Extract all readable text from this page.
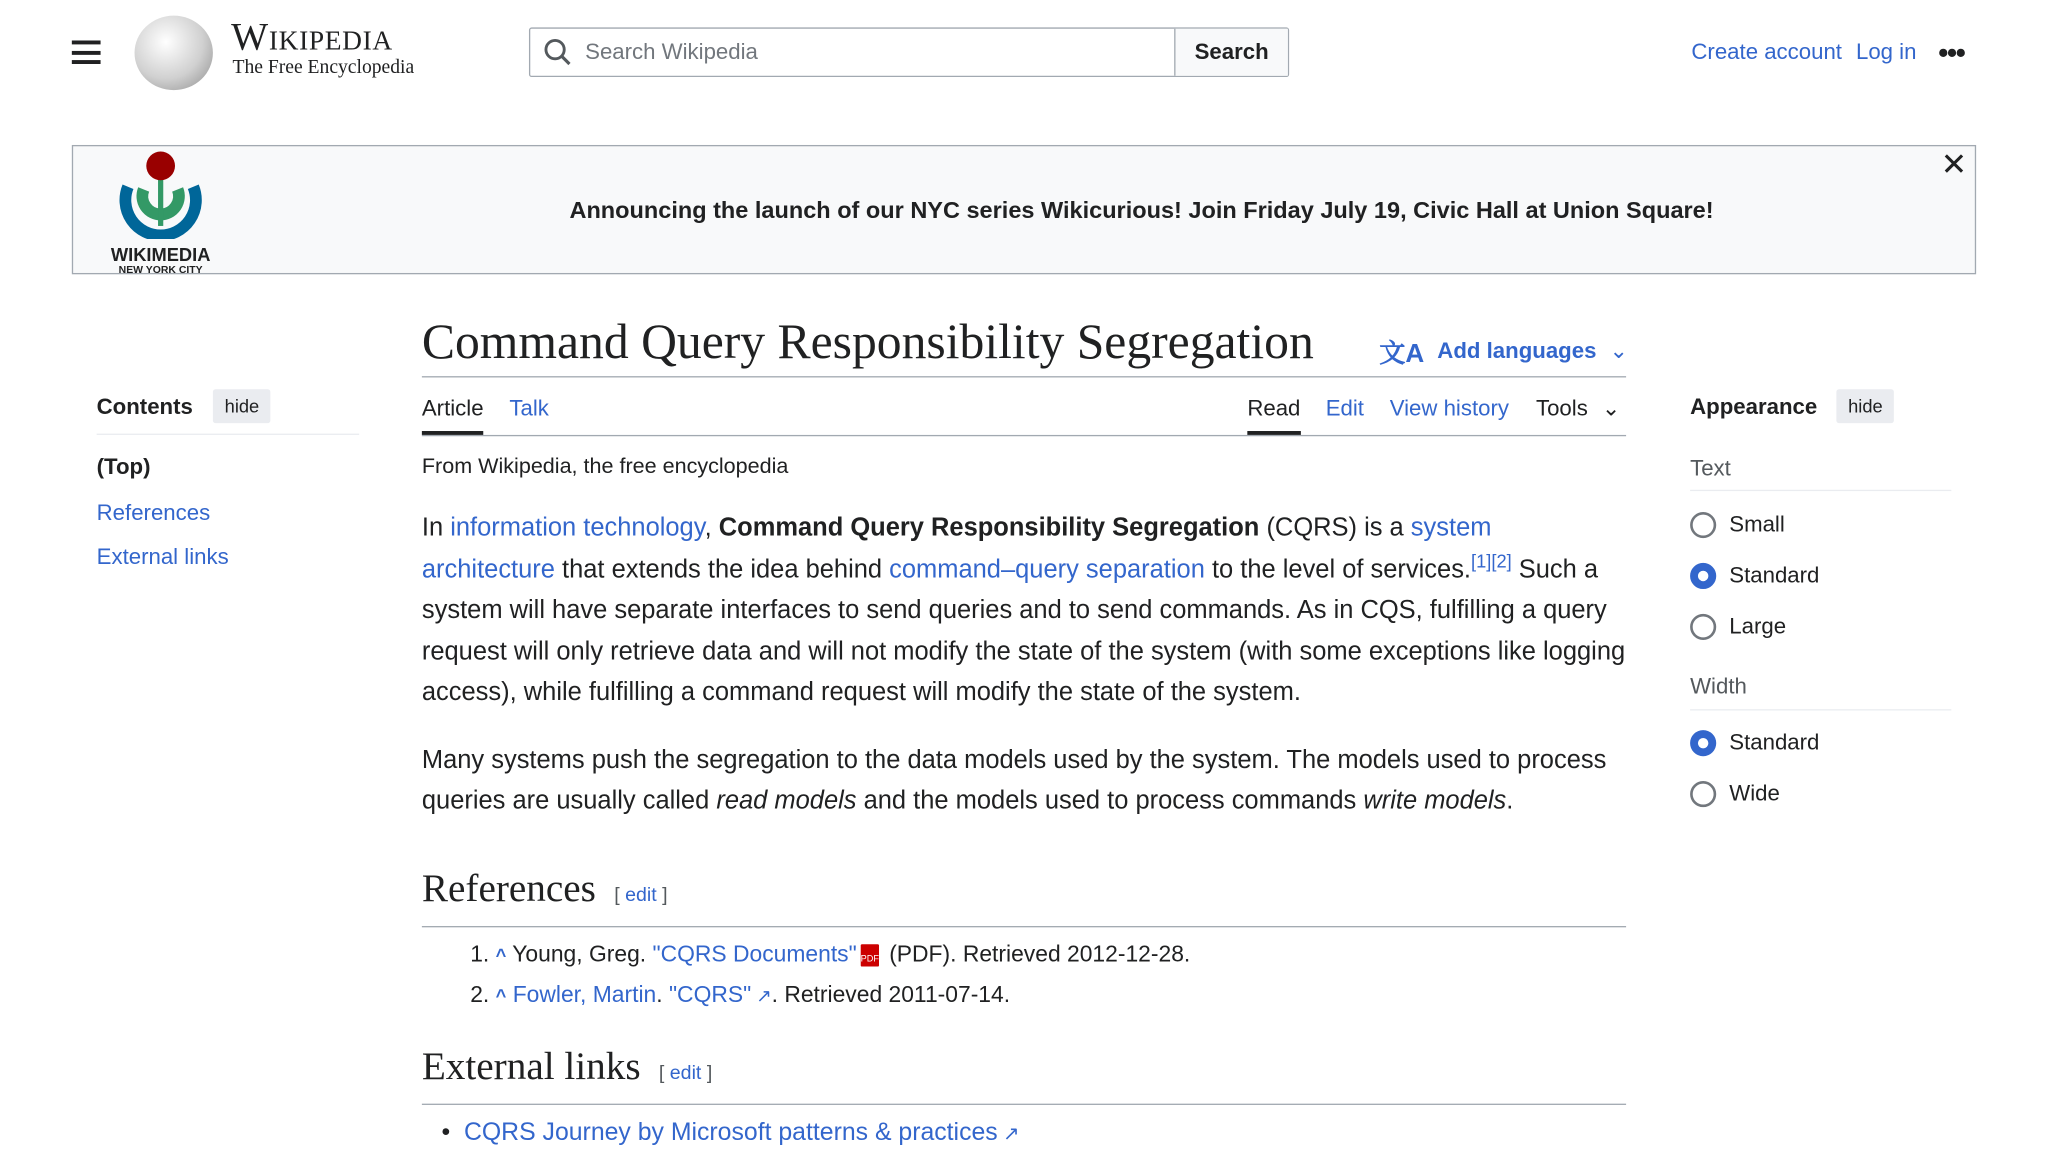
Wikipedia
The Free Encyclopedia
Search Wikipedia	Search	Create account Log in •••
WIKIMEDIA
NEW YORK CITY
Announcing the launch of our NYC series Wikicurious! Join Friday July 19, Civic Hall at Union Square!
✕
Command Query Responsibility Segregation	文A Add languages ⌄
Article Talk	Read Edit View history Tools ⌄
Contents	hide
(Top)
References
External links
Appearance	hide
Text
Small
Standard
Large
Width
Standard
Wide
From Wikipedia, the free encyclopedia

In information technology, Command Query Responsibility Segregation (CQRS) is a system architecture that extends the idea behind command–query separation to the level of services.[1][2] Such a system will have separate interfaces to send queries and to send commands. As in CQS, fulfilling a query request will only retrieve data and will not modify the state of the system (with some exceptions like logging access), while fulfilling a command request will modify the state of the system.

Many systems push the segregation to the data models used by the system. The models used to process queries are usually called read models and the models used to process commands write models.

References [ edit ]
1. ^ Young, Greg. "CQRS Documents" PDF (PDF). Retrieved 2012-12-28.
2. ^ Fowler, Martin. "CQRS" ↗. Retrieved 2011-07-14.
External links [ edit ]
•  CQRS Journey by Microsoft patterns & practices ↗
